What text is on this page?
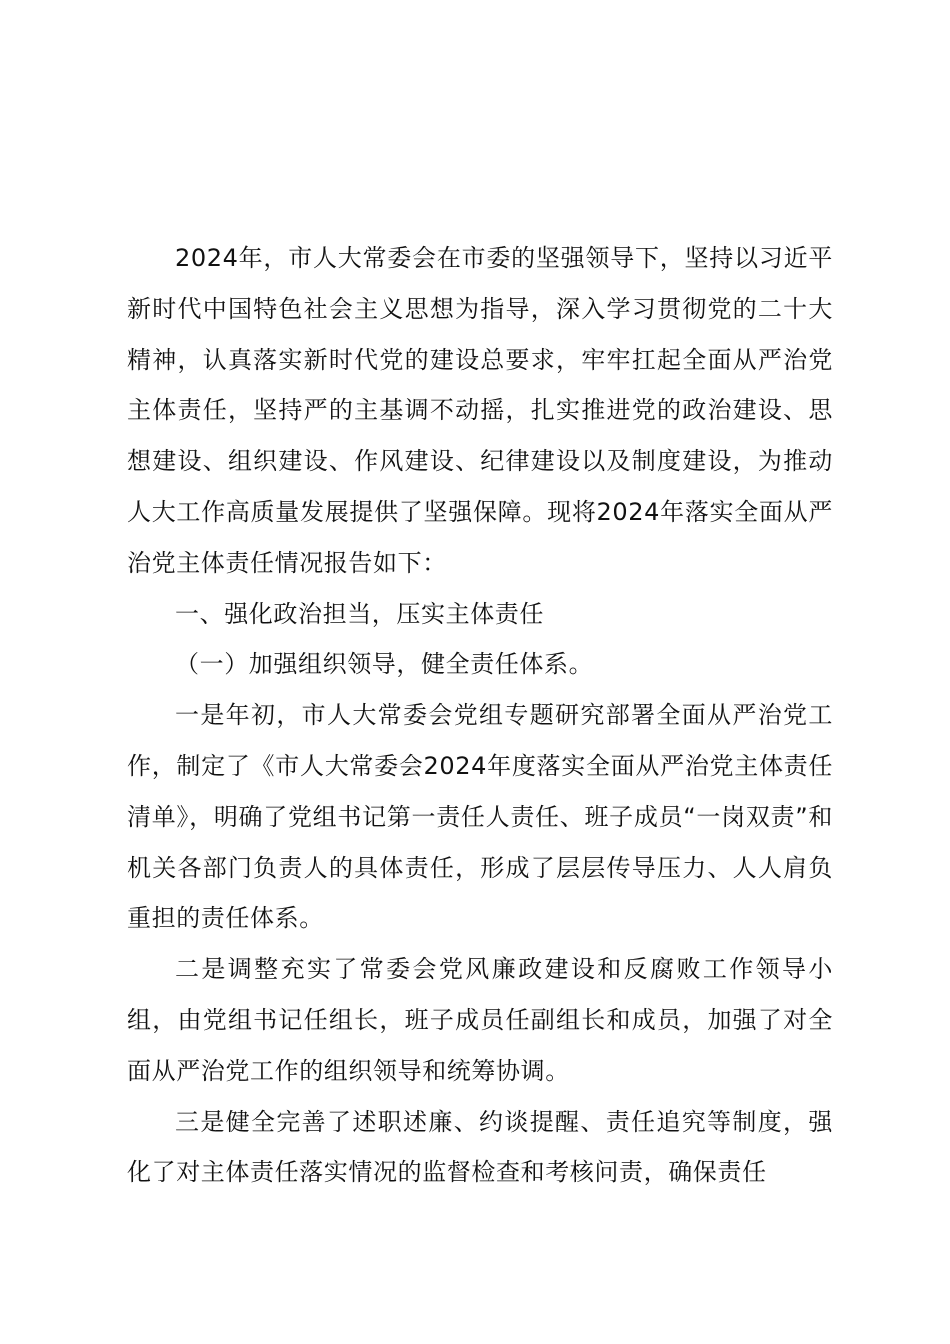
2024年，市人大常委会在市委的坚强领导下，坚持以习近平新时代中国特色社会主义思想为指导，深入学习贯彻党的二十大精神，认真落实新时代党的建设总要求，牢牢扛起全面从严治党主体责任，坚持严的主基调不动摇，扎实推进党的政治建设、思想建设、组织建设、作风建设、纪律建设以及制度建设，为推动人大工作高质量发展提供了坚强保障。现将2024年落实全面从严治党主体责任情况报告如下：

一、强化政治担当，压实主体责任

（一）加强组织领导，健全责任体系。

一是年初，市人大常委会党组专题研究部署全面从严治党工作，制定了《市人大常委会2024年度落实全面从严治党主体责任清单》，明确了党组书记第一责任人责任、班子成员“一岗双责”和机关各部门负责人的具体责任，形成了层层传导压力、人人肩负重担的责任体系。

二是调整充实了常委会党风廉政建设和反腐败工作领导小组，由党组书记任组长，班子成员任副组长和成员，加强了对全面从严治党工作的组织领导和统筹协调。

三是健全完善了述职述廉、约谈提醒、责任追究等制度，强化了对主体责任落实情况的监督检查和考核问责，确保责任
